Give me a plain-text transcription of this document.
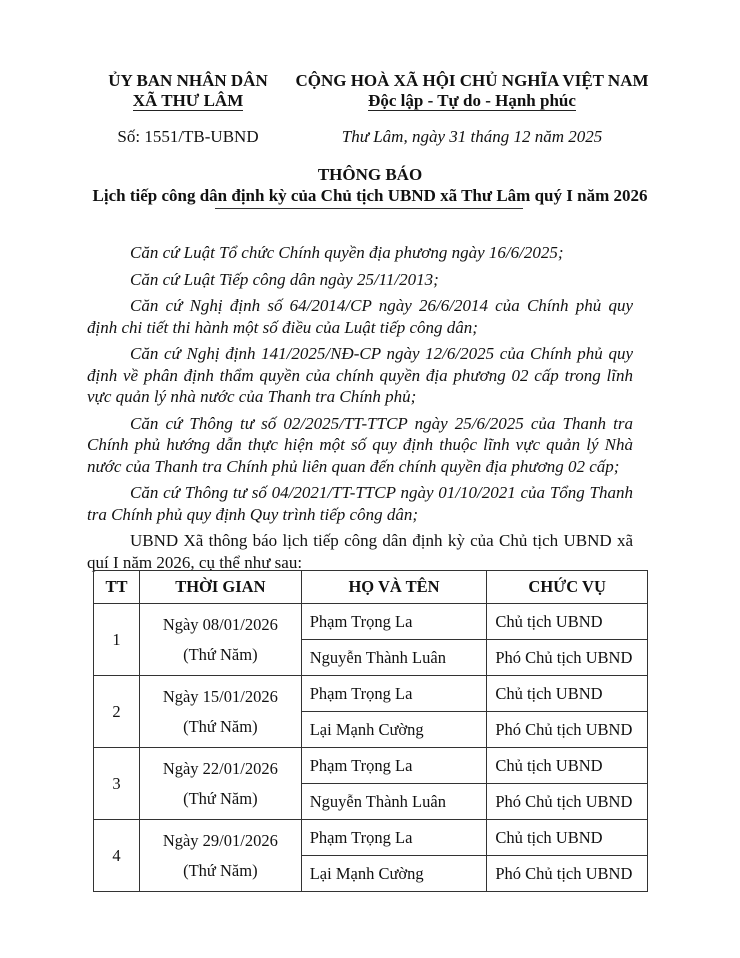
ỦY BAN NHÂN DÂN
XÃ THƯ LÂM
CỘNG HOÀ XÃ HỘI CHỦ NGHĨA VIỆT NAM
Độc lập - Tự do - Hạnh phúc
Số: 1551/TB-UBND	Thư Lâm, ngày 31 tháng 12 năm 2025
THÔNG BÁO
Lịch tiếp công dân định kỳ của Chủ tịch UBND xã Thư Lâm quý I năm 2026

Căn cứ Luật Tổ chức Chính quyền địa phương ngày 16/6/2025;

Căn cứ Luật Tiếp công dân ngày 25/11/2013;

Căn cứ Nghị định số 64/2014/CP ngày 26/6/2014 của Chính phủ quy định chi tiết thi hành một số điều của Luật tiếp công dân;

Căn cứ Nghị định 141/2025/NĐ-CP ngày 12/6/2025 của Chính phủ quy định về phân định thẩm quyền của chính quyền địa phương 02 cấp trong lĩnh vực quản lý nhà nước của Thanh tra Chính phủ;

Căn cứ Thông tư số 02/2025/TT-TTCP ngày 25/6/2025 của Thanh tra Chính phủ hướng dẫn thực hiện một số quy định thuộc lĩnh vực quản lý Nhà nước của Thanh tra Chính phủ liên quan đến chính quyền địa phương 02 cấp;

Căn cứ Thông tư số 04/2021/TT-TTCP ngày 01/10/2021 của Tổng Thanh tra Chính phủ quy định Quy trình tiếp công dân;

UBND Xã thông báo lịch tiếp công dân định kỳ của Chủ tịch UBND xã quí I năm 2026, cụ thể như sau:

TT	THỜI GIAN	HỌ VÀ TÊN	CHỨC VỤ
1	Ngày 08/01/2026
(Thứ Năm)	Phạm Trọng La	Chủ tịch UBND
		Nguyễn Thành Luân	Phó Chủ tịch UBND
2	Ngày 15/01/2026
(Thứ Năm)	Phạm Trọng La	Chủ tịch UBND
		Lại Mạnh Cường	Phó Chủ tịch UBND
3	Ngày 22/01/2026
(Thứ Năm)	Phạm Trọng La	Chủ tịch UBND
		Nguyễn Thành Luân	Phó Chủ tịch UBND
4	Ngày 29/01/2026
(Thứ Năm)	Phạm Trọng La	Chủ tịch UBND
		Lại Mạnh Cường	Phó Chủ tịch UBND
